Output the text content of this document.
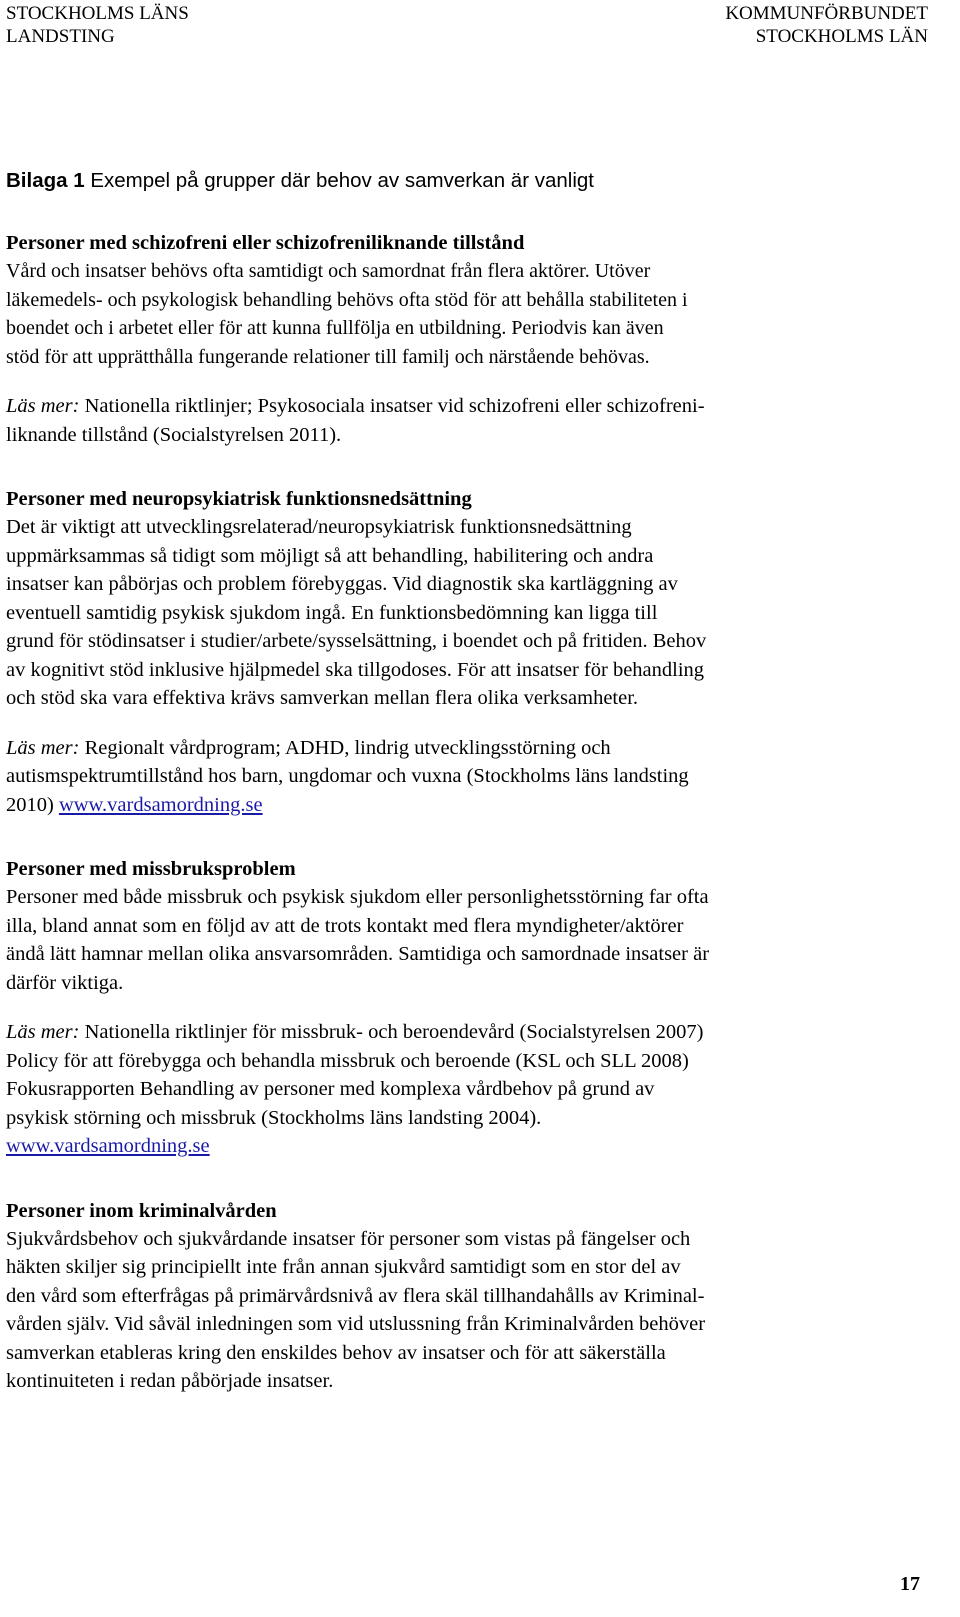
STOCKHOLMS LÄNS
LANDSTING
KOMMUNFÖRBUNDET
STOCKHOLMS LÄN
Bilaga 1 Exempel på grupper där behov av samverkan är vanligt
Personer med schizofreni eller schizofreniliknande tillstånd

Vård och insatser behövs ofta samtidigt och samordnat från flera aktörer. Utöver
läkemedels- och psykologisk behandling behövs ofta stöd för att behålla stabiliteten i
boendet och i arbetet eller för att kunna fullfölja en utbildning. Periodvis kan även
stöd för att upprätthålla fungerande relationer till familj och närstående behövas.

Läs mer: Nationella riktlinjer; Psykosociala insatser vid schizofreni eller schizofreni-
liknande tillstånd (Socialstyrelsen 2011).

Personer med neuropsykiatrisk funktionsnedsättning

Det är viktigt att utvecklingsrelaterad/neuropsykiatrisk funktionsnedsättning
uppmärksammas så tidigt som möjligt så att behandling, habilitering och andra
insatser kan påbörjas och problem förebyggas. Vid diagnostik ska kartläggning av
eventuell samtidig psykisk sjukdom ingå. En funktionsbedömning kan ligga till
grund för stödinsatser i studier/arbete/sysselsättning, i boendet och på fritiden. Behov
av kognitivt stöd inklusive hjälpmedel ska tillgodoses. För att insatser för behandling
och stöd ska vara effektiva krävs samverkan mellan flera olika verksamheter.

Läs mer: Regionalt vårdprogram; ADHD, lindrig utvecklingsstörning och
autismspektrumtillstånd hos barn, ungdomar och vuxna (Stockholms läns landsting
2010) www.vardsamordning.se

Personer med missbruksproblem

Personer med både missbruk och psykisk sjukdom eller personlighetsstörning far ofta
illa, bland annat som en följd av att de trots kontakt med flera myndigheter/aktörer
ändå lätt hamnar mellan olika ansvarsområden. Samtidiga och samordnade insatser är
därför viktiga.

Läs mer: Nationella riktlinjer för missbruk- och beroendevård (Socialstyrelsen 2007)
Policy för att förebygga och behandla missbruk och beroende (KSL och SLL 2008)
Fokusrapporten Behandling av personer med komplexa vårdbehov på grund av
psykisk störning och missbruk (Stockholms läns landsting 2004).
www.vardsamordning.se

Personer inom kriminalvården

Sjukvårdsbehov och sjukvårdande insatser för personer som vistas på fängelser och
häkten skiljer sig principiellt inte från annan sjukvård samtidigt som en stor del av
den vård som efterfrågas på primärvårdsnivå av flera skäl tillhandahålls av Kriminal-
vården själv. Vid såväl inledningen som vid utslussning från Kriminalvården behöver
samverkan etableras kring den enskildes behov av insatser och för att säkerställa
kontinuiteten i redan påbörjade insatser.

17
